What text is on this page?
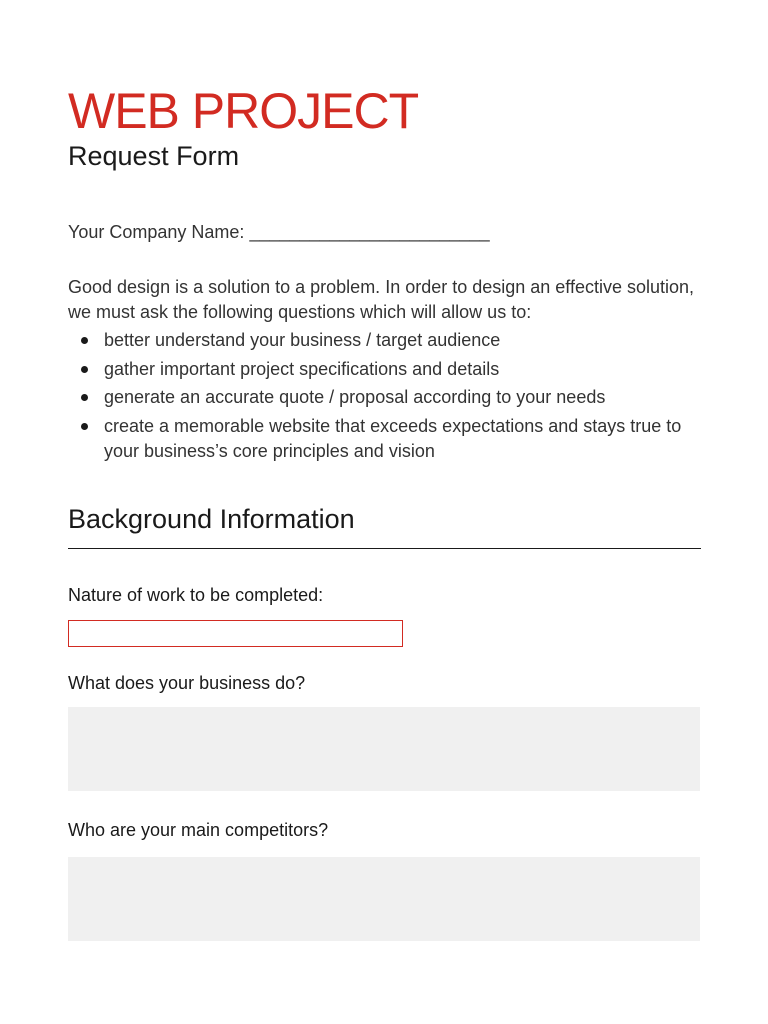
WEB PROJECT
Request Form
Your Company Name: ________________________

Good design is a solution to a problem. In order to design an effective solution, we must ask the following questions which will allow us to:

better understand your business / target audience
gather important project specifications and details
generate an accurate quote / proposal according to your needs
create a memorable website that exceeds expectations and stays true to your business’s core principles and vision
Background Information
Nature of work to be completed:
What does your business do?
Who are your main competitors?
